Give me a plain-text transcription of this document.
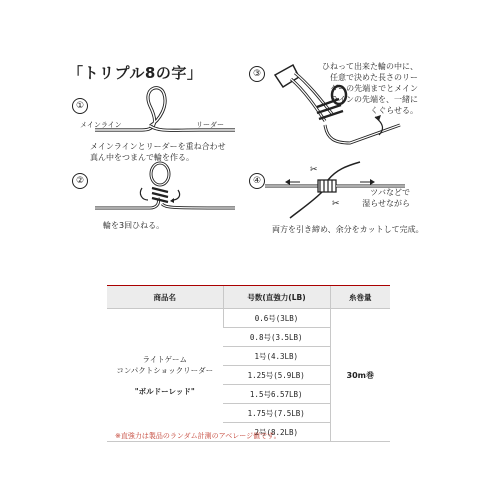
「トリプル8の字」
①
メインライン	リーダー
メインラインとリーダーを重ね合わせ
真ん中をつまんで輪を作る。
②
輪を3回ひねる。
③
ひねって出来た輪の中に、
任意で決めた長さのリー
ダーの先端までとメイン
ラインの先端を、一緒に
くぐらせる。
④
✂
✂
ツバなどで
湿らせながら
両方を引き締め、余分をカットして完成。
商品名	号数(直強力(LB)	糸巻量

ライトゲーム
コンパクトショックリーダー
"ボルドーレッド"	0.6号(3LB)	30m巻
	0.8号(3.5LB)	
	1号(4.3LB)	
	1.25号(5.9LB)	
	1.5号6.57LB)	
	1.75号(7.5LB)	
	2号(8.2LB)	
※直強力は製品のランダム計測のアベレージ値です。
